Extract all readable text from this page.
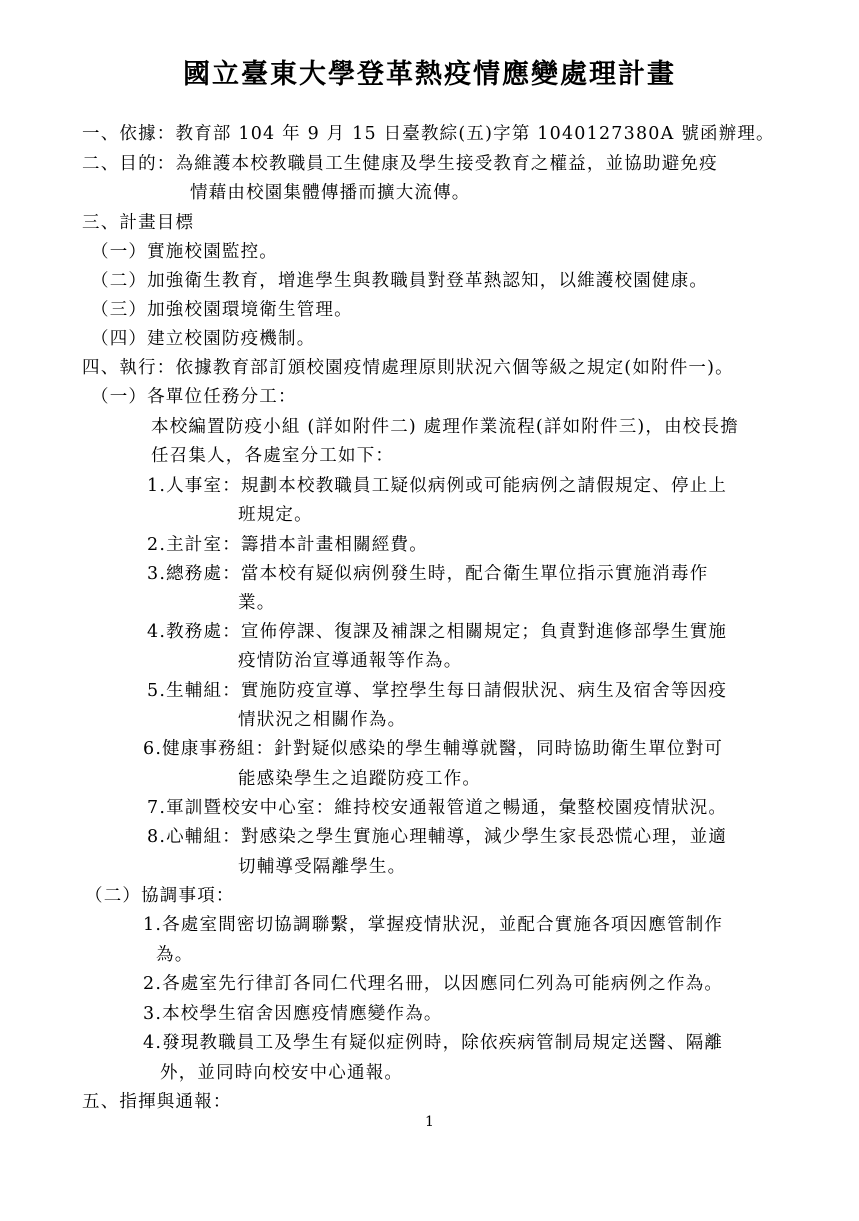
國立臺東大學登革熱疫情應變處理計畫
一、依據：教育部 104 年 9 月 15 日臺教綜(五)字第 1040127380A 號函辦理。
二、目的：為維護本校教職員工生健康及學生接受教育之權益，並協助避免疫
情藉由校園集體傳播而擴大流傳。
三、計畫目標
（一）實施校園監控。
（二）加強衛生教育，增進學生與教職員對登革熱認知，以維護校園健康。
（三）加強校園環境衛生管理。
（四）建立校園防疫機制。
四、執行：依據教育部訂頒校園疫情處理原則狀況六個等級之規定(如附件一)。
（一）各單位任務分工：
本校編置防疫小組 (詳如附件二) 處理作業流程(詳如附件三)，由校長擔
任召集人，各處室分工如下：
1.人事室：規劃本校教職員工疑似病例或可能病例之請假規定、停止上
班規定。
2.主計室：籌措本計畫相關經費。
3.總務處：當本校有疑似病例發生時，配合衛生單位指示實施消毒作
業。
4.教務處：宣佈停課、復課及補課之相關規定；負責對進修部學生實施
疫情防治宣導通報等作為。
5.生輔組：實施防疫宣導、掌控學生每日請假狀況、病生及宿舍等因疫
情狀況之相關作為。
6.健康事務組：針對疑似感染的學生輔導就醫，同時協助衛生單位對可
能感染學生之追蹤防疫工作。
7.軍訓暨校安中心室：維持校安通報管道之暢通，彙整校園疫情狀況。
8.心輔組：對感染之學生實施心理輔導，減少學生家長恐慌心理，並適
切輔導受隔離學生。
（二）協調事項：
1.各處室間密切協調聯繫，掌握疫情狀況，並配合實施各項因應管制作
為。
2.各處室先行律訂各同仁代理名冊，以因應同仁列為可能病例之作為。
3.本校學生宿舍因應疫情應變作為。
4.發現教職員工及學生有疑似症例時，除依疾病管制局規定送醫、隔離
外，並同時向校安中心通報。
五、指揮與通報：
1
